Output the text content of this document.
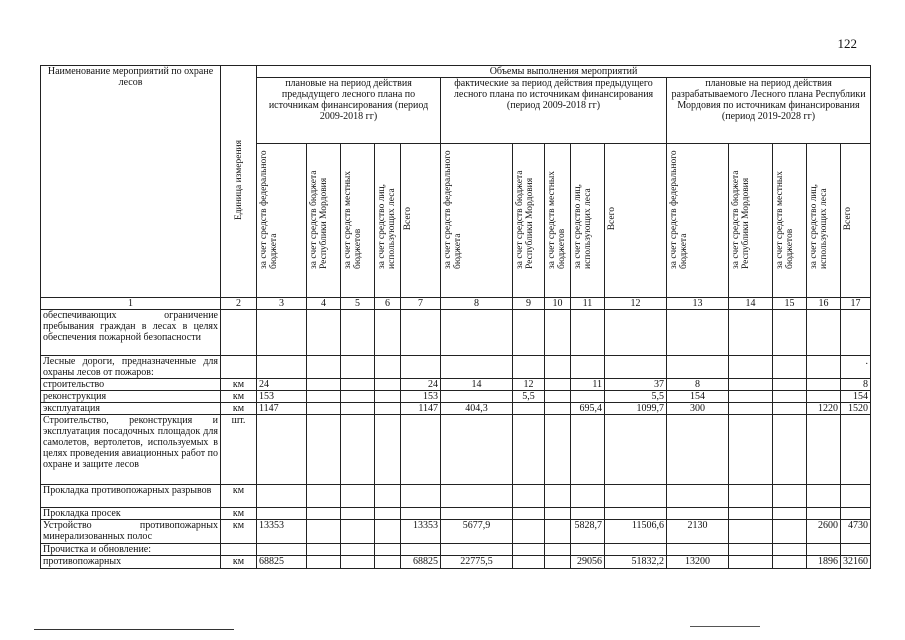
122
Наименование мероприятий по охране лесов	Единица измерения	Объемы выполнения мероприятий														
		плановые на период действия предыдущего лесного плана по источникам финансирования (период 2009-2018 гг)					фактические за период действия предыдущего лесного плана по источникам финансирования (период 2009-2018 гг)					плановые на период действия разрабатываемого Лесного плана Республики Мордовия по источникам финансирования (период 2019-2028 гг)				
		за счет средств федерального бюджета	за счет средств бюджета Республики Мордовия	за счет средств местных бюджетов	за счет средство лиц, использующих леса	Всего	за счет средств федерального бюджета	за счет средств бюджета Республики Мордовия	за счет средств местных бюджетов	за счет средство лиц, использующих леса	Всего	за счет средств федерального бюджета	за счет средств бюджета Республики Мордовия	за счет средств местных бюджетов	за счет средство лиц, использующих леса	Всего
1	2	3	4	5	6	7	8	9	10	11	12	13	14	15	16	17
обеспечивающих ограничение пребывания граждан в лесах в целях обеспечения пожарной безопасности																
Лесные дороги, предназначенные для охраны лесов от пожаров:																.
строительство	км	24				24	14	12		11	37	8				8
реконструкция	км	153				153		5,5			5,5	154				154
эксплуатация	км	1147				1147	404,3			695,4	1099,7	300			1220	1520
Строительство, реконструкция и эксплуатация посадочных площадок для самолетов, вертолетов, используемых в целях проведения авиационных работ по охране и защите лесов	шт.															
Прокладка противопожарных разрывов	км															
Прокладка просек	км															
Устройство противопожарных минерализованных полос	км	13353				13353	5677,9			5828,7	11506,6	2130			2600	4730
Прочистка и обновление:																
противопожарных	км	68825				68825	22775,5			29056	51832,2	13200			1896	32160
